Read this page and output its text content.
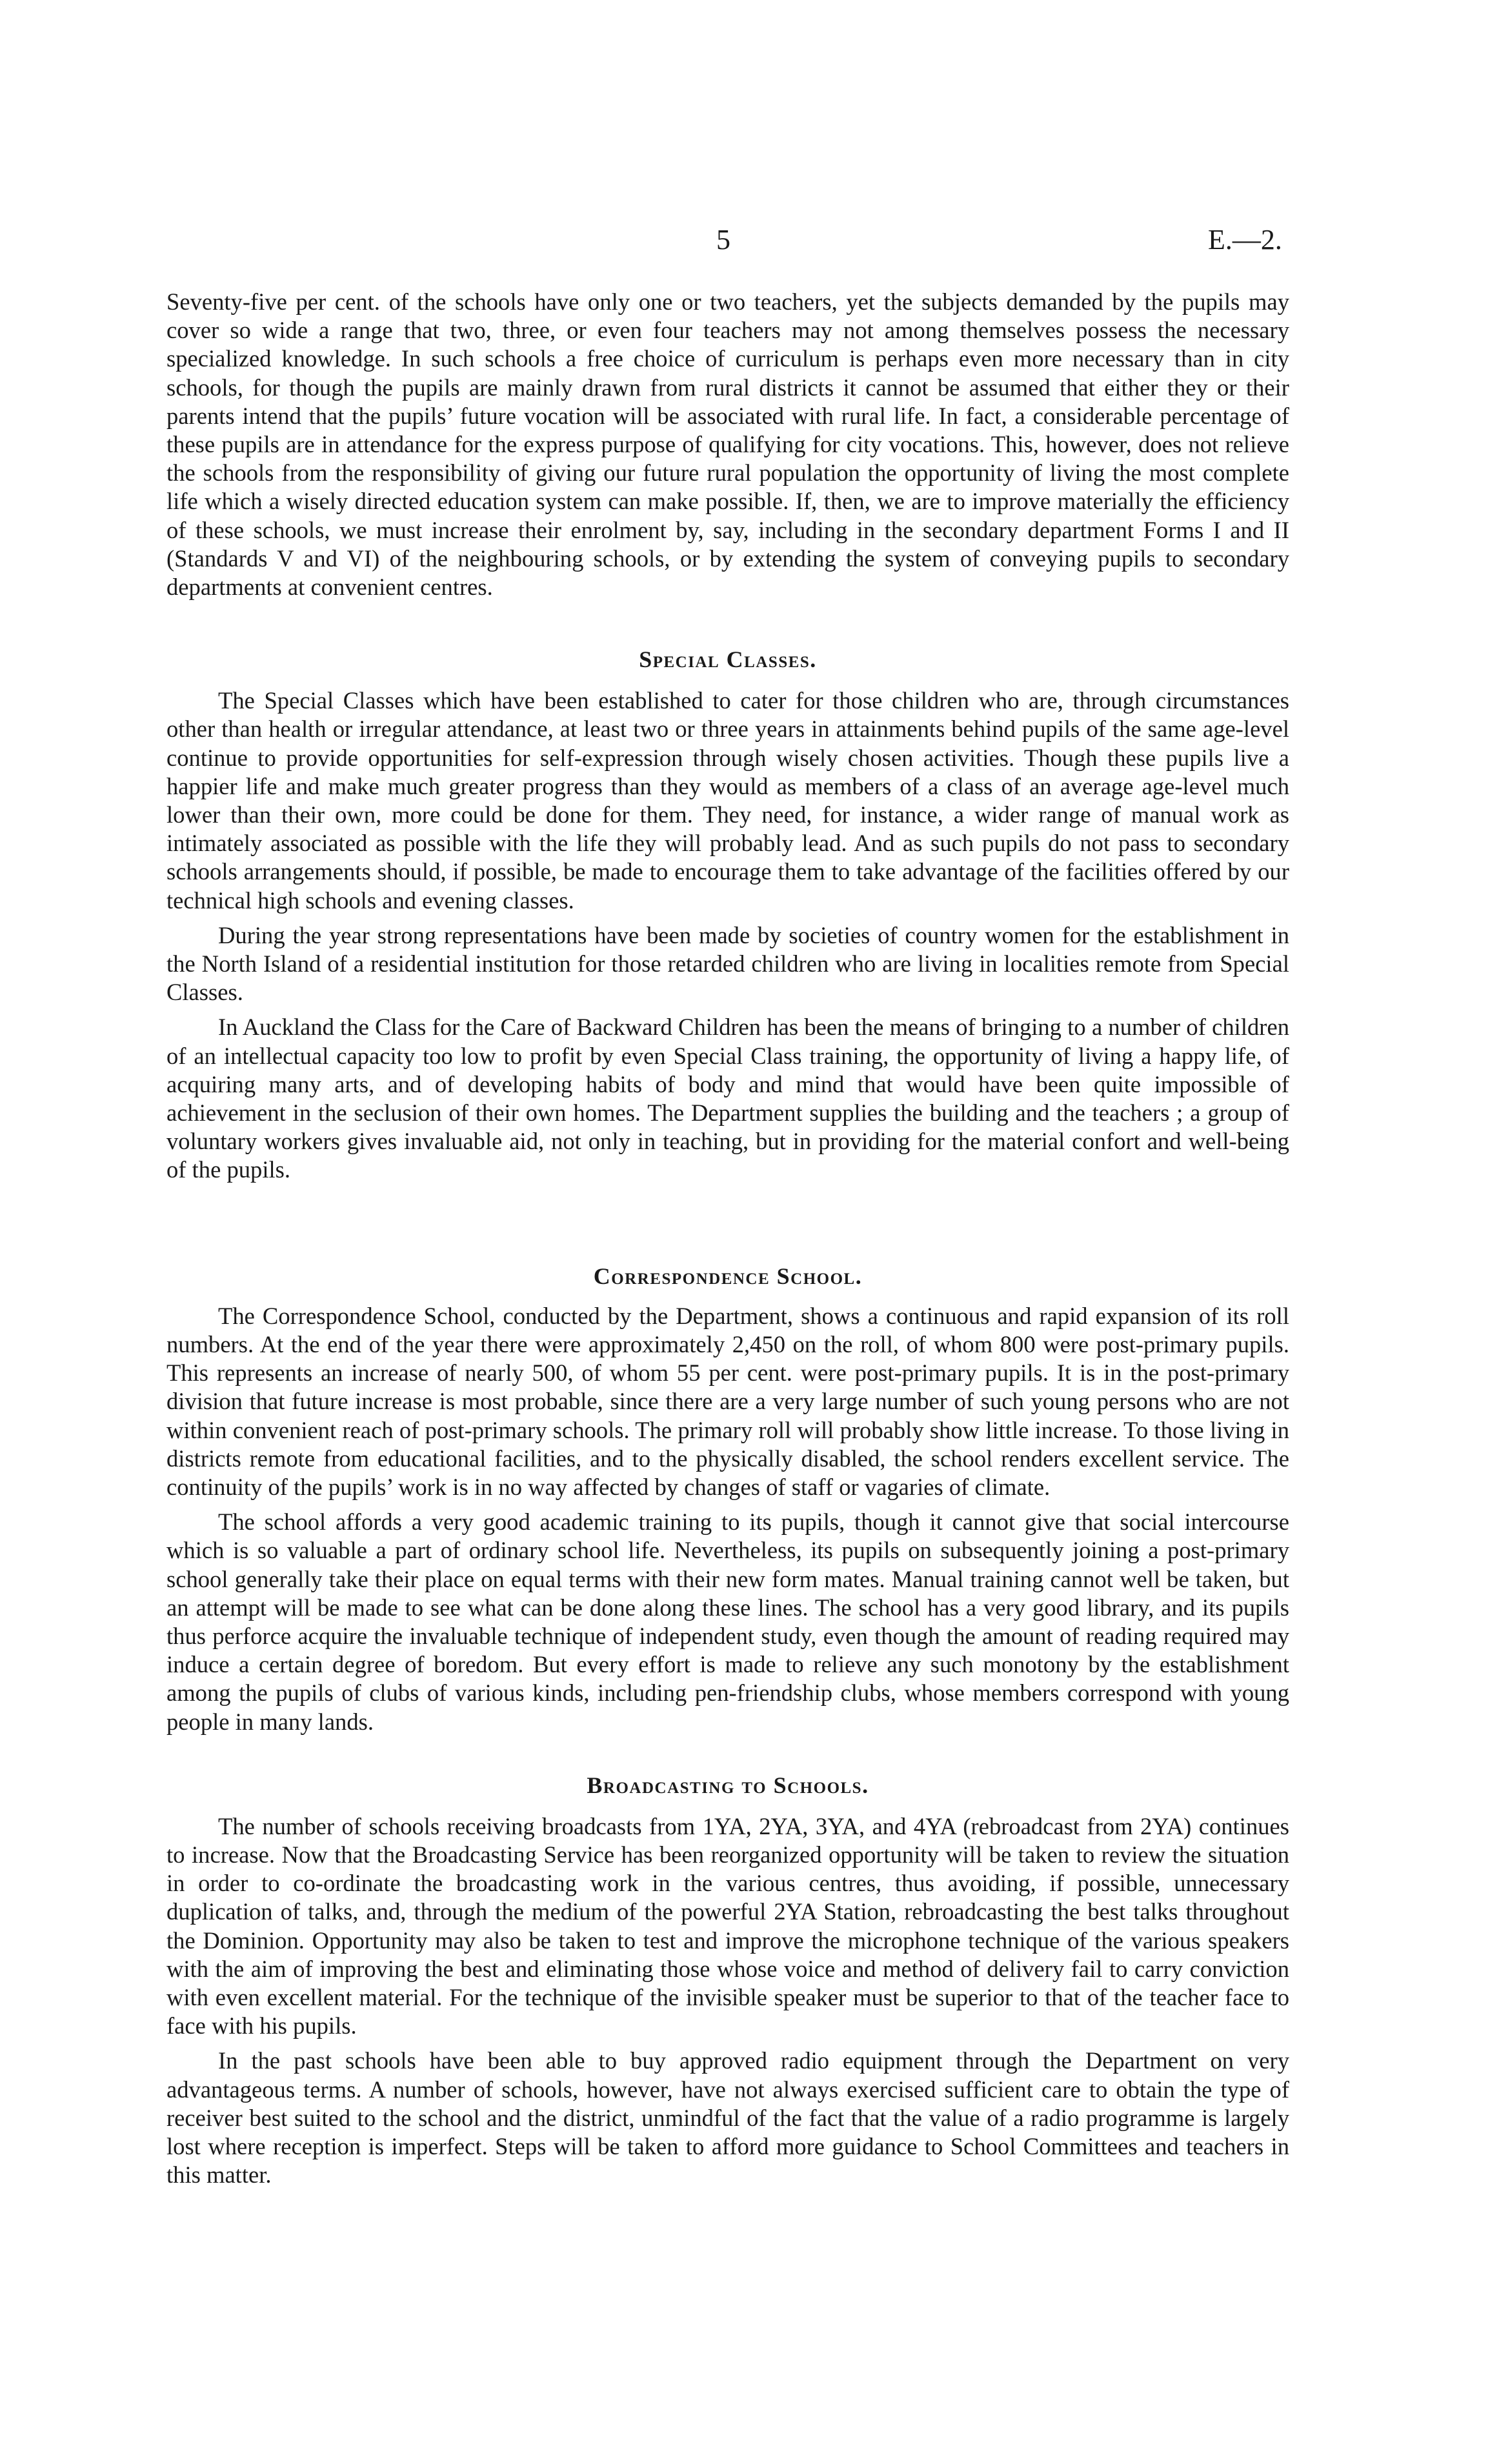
5	E.—2.

Seventy-five per cent. of the schools have only one or two teachers, yet the subjects demanded by the pupils may cover so wide a range that two, three, or even four teachers may not among themselves possess the necessary specialized knowledge. In such schools a free choice of curriculum is perhaps even more necessary than in city schools, for though the pupils are mainly drawn from rural districts it cannot be assumed that either they or their parents intend that the pupils’ future vocation will be associated with rural life. In fact, a considerable percentage of these pupils are in attendance for the express purpose of qualifying for city vocations. This, however, does not relieve the schools from the responsibility of giving our future rural population the opportunity of living the most complete life which a wisely directed education system can make possible. If, then, we are to improve materially the efficiency of these schools, we must increase their enrolment by, say, including in the secondary department Forms I and II (Standards V and VI) of the neighbouring schools, or by extending the system of conveying pupils to secondary departments at convenient centres.

Special Classes.

The Special Classes which have been established to cater for those children who are, through circumstances other than health or irregular attendance, at least two or three years in attainments behind pupils of the same age-level continue to provide opportunities for self-expression through wisely chosen activities. Though these pupils live a happier life and make much greater progress than they would as members of a class of an average age-level much lower than their own, more could be done for them. They need, for instance, a wider range of manual work as intimately associated as possible with the life they will probably lead. And as such pupils do not pass to secondary schools arrangements should, if possible, be made to encourage them to take advantage of the facilities offered by our technical high schools and evening classes.

During the year strong representations have been made by societies of country women for the establishment in the North Island of a residential institution for those retarded children who are living in localities remote from Special Classes.

In Auckland the Class for the Care of Backward Children has been the means of bringing to a number of children of an intellectual capacity too low to profit by even Special Class training, the opportunity of living a happy life, of acquiring many arts, and of developing habits of body and mind that would have been quite impossible of achievement in the seclusion of their own homes. The Department supplies the building and the teachers ; a group of voluntary workers gives invaluable aid, not only in teaching, but in providing for the material confort and well-being of the pupils.

Correspondence School.

The Correspondence School, conducted by the Department, shows a continuous and rapid expansion of its roll numbers. At the end of the year there were approximately 2,450 on the roll, of whom 800 were post-primary pupils. This represents an increase of nearly 500, of whom 55 per cent. were post-primary pupils. It is in the post-primary division that future increase is most probable, since there are a very large number of such young persons who are not within convenient reach of post-primary schools. The primary roll will probably show little increase. To those living in districts remote from educational facilities, and to the physically disabled, the school renders excellent service. The continuity of the pupils’ work is in no way affected by changes of staff or vagaries of climate.

The school affords a very good academic training to its pupils, though it cannot give that social intercourse which is so valuable a part of ordinary school life. Nevertheless, its pupils on subsequently joining a post-primary school generally take their place on equal terms with their new form mates. Manual training cannot well be taken, but an attempt will be made to see what can be done along these lines. The school has a very good library, and its pupils thus perforce acquire the invaluable technique of independent study, even though the amount of reading required may induce a certain degree of boredom. But every effort is made to relieve any such monotony by the establishment among the pupils of clubs of various kinds, including pen-friendship clubs, whose members correspond with young people in many lands.

Broadcasting to Schools.

The number of schools receiving broadcasts from 1YA, 2YA, 3YA, and 4YA (rebroadcast from 2YA) continues to increase. Now that the Broadcasting Service has been reorganized opportunity will be taken to review the situation in order to co-ordinate the broadcasting work in the various centres, thus avoiding, if possible, unnecessary duplication of talks, and, through the medium of the powerful 2YA Station, rebroadcasting the best talks throughout the Dominion. Opportunity may also be taken to test and improve the microphone technique of the various speakers with the aim of improving the best and eliminating those whose voice and method of delivery fail to carry conviction with even excellent material. For the technique of the invisible speaker must be superior to that of the teacher face to face with his pupils.

In the past schools have been able to buy approved radio equipment through the Department on very advantageous terms. A number of schools, however, have not always exercised sufficient care to obtain the type of receiver best suited to the school and the district, unmindful of the fact that the value of a radio programme is largely lost where reception is imperfect. Steps will be taken to afford more guidance to School Committees and teachers in this matter.
